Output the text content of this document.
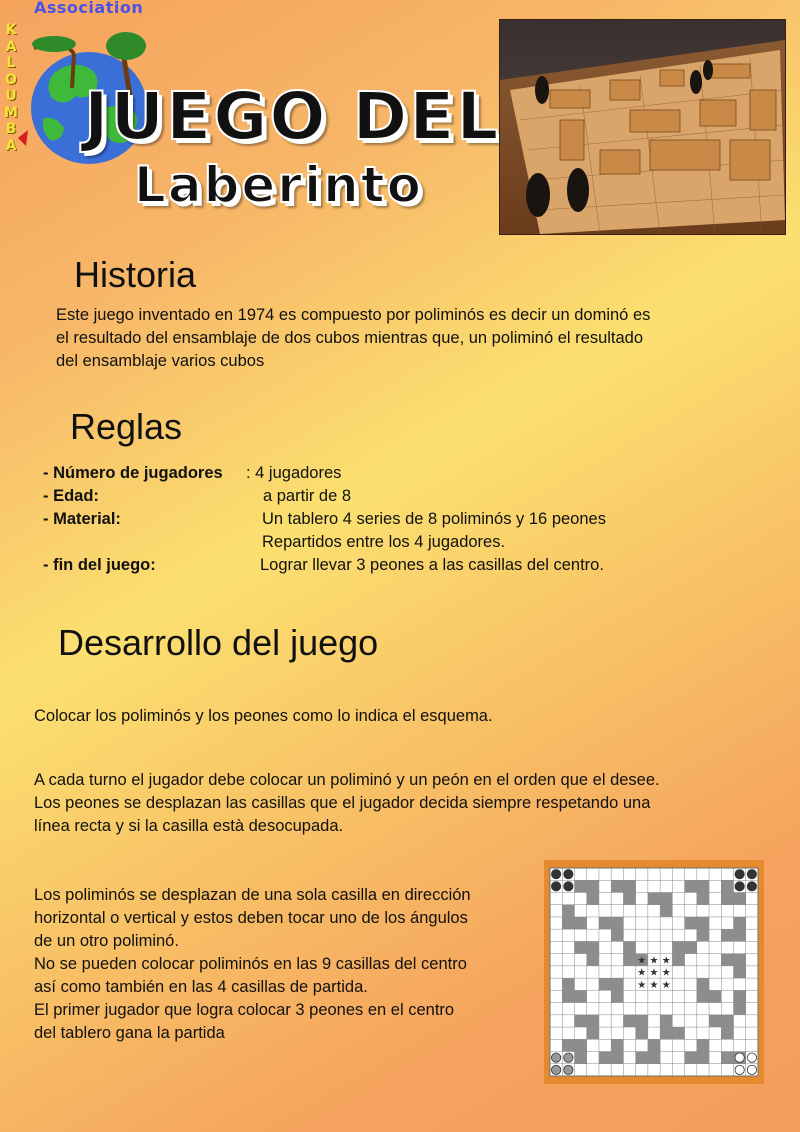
Association
K
A
L
O
U
M
B
A JUEGO DEL
Laberinto
Historia

Este juego inventado en 1974 es compuesto por poliminós es decir un dominó es
el resultado del ensamblaje de dos cubos mientras que, un poliminó el resultado
del ensamblaje varios cubos

Reglas
- Número de jugadores : 4 jugadores
- Edad:	a partir de 8
- Material:	Un tablero 4 series de 8 poliminós y 16 peones
Repartidos entre los 4 jugadores.
- fin del juego:	Lograr llevar 3 peones a las casillas del centro.
Desarrollo del juego

Colocar los poliminós y los peones como lo indica el esquema.

A cada turno el jugador debe colocar un poliminó y un peón en el orden que el desee.
Los peones se desplazan las casillas que el jugador decida siempre respetando una
línea recta y si la casilla està desocupada.

Los poliminós se desplazan de una sola casilla en dirección
horizontal o vertical y estos deben tocar uno de los ángulos
de un otro poliminó.
No se pueden colocar poliminós en las 9 casillas del centro
así como también en las 4 casillas de partida.
El primer jugador que logra colocar 3 peones en el centro
del tablero gana la partida

★
★
★
★
★
★
★
★
★
